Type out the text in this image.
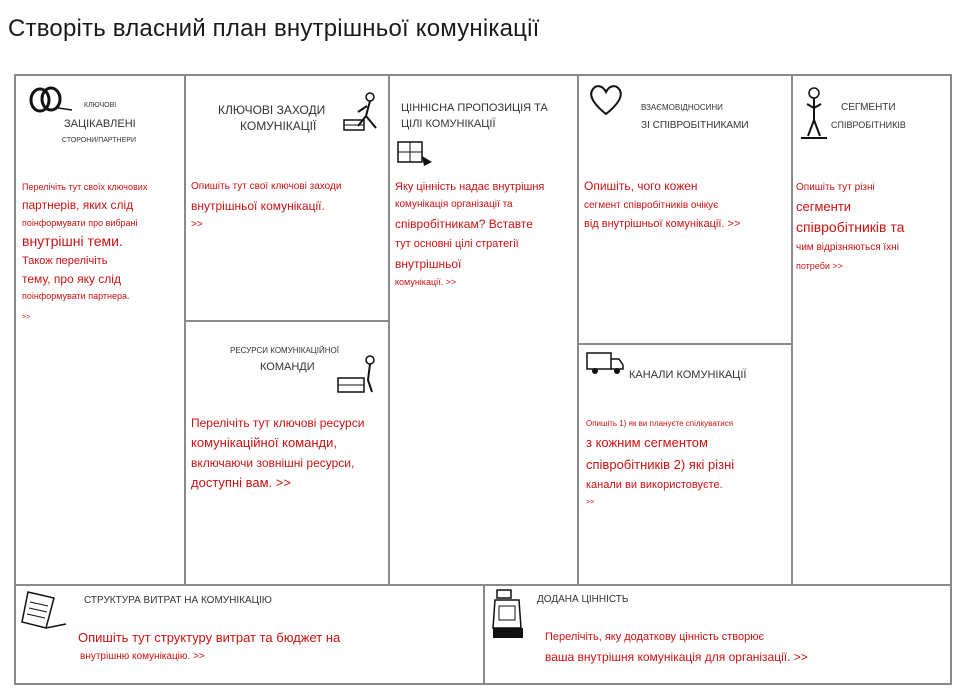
Створіть власний план внутрішньої комунікації
КЛЮЧОВІ
ЗАЦІКАВЛЕНІ
СТОРОНИ/ПАРТНЕРИ
Перелічіть тут своїх ключових
партнерів, яких слід
поінформувати про вибрані
внутрішні теми.
Також перелічіть
тему, про яку слід
поінформувати партнера.
>>
КЛЮЧОВІ ЗАХОДИ
КОМУНІКАЦІЇ
Опишіть тут свої ключові заходи
внутрішньої комунікації.
>>
РЕСУРСИ КОМУНІКАЦІЙНОЇ
КОМАНДИ
Перелічіть тут ключові ресурси
комунікаційної команди,
включаючи зовнішні ресурси,
доступні вам. >>
ЦІННІСНА ПРОПОЗИЦІЯ ТА
ЦІЛІ КОМУНІКАЦІЇ
Яку цінність надає внутрішня
комунікація організації та
співробітникам? Вставте
тут основні цілі стратегії
внутрішньої
комунікації. >>
ВЗАЄМОВІДНОСИНИ
ЗІ СПІВРОБІТНИКАМИ
Опишіть, чого кожен
сегмент співробітників очікує
від внутрішньої комунікації. >>
КАНАЛИ КОМУНІКАЦІЇ
Опишіть 1) як ви плануєте спілкуватися
з кожним сегментом
співробітників 2) які різні
канали ви використовуєте.
>>
СЕГМЕНТИ
СПІВРОБІТНИКІВ
Опишіть тут різні
сегменти
співробітників та
чим відрізняються їхні
потреби >>
СТРУКТУРА ВИТРАТ НА КОМУНІКАЦІЮ
Опишіть тут структуру витрат та бюджет на
внутрішню комунікацію. >>
ДОДАНА ЦІННІСТЬ
Перелічіть, яку додаткову цінність створює
ваша внутрішня комунікація для організації. >>
